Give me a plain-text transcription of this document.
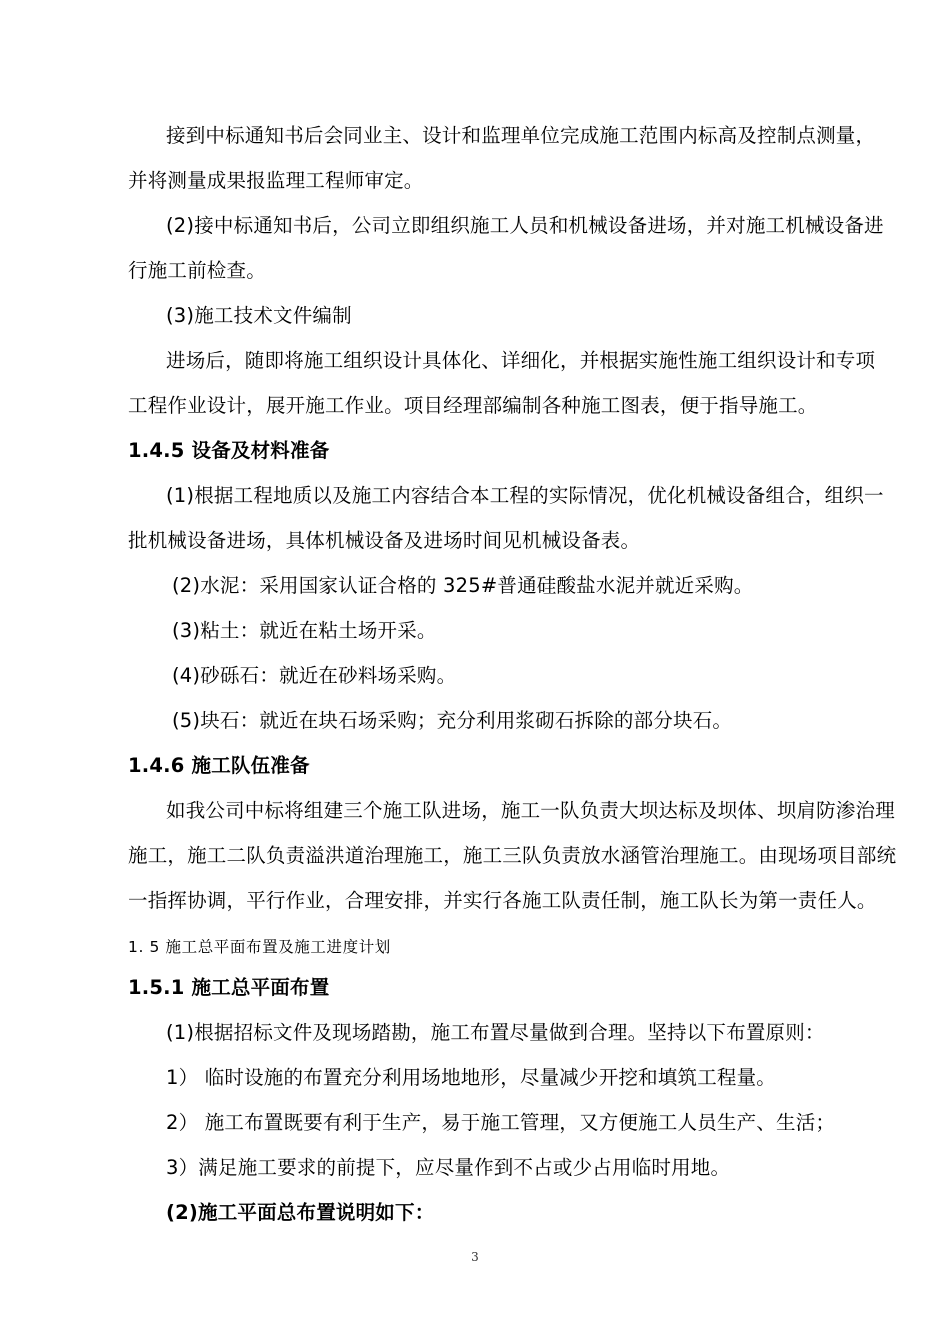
接到中标通知书后会同业主、设计和监理单位完成施工范围内标高及控制点测量，
并将测量成果报监理工程师审定。
(2)接中标通知书后，公司立即组织施工人员和机械设备进场，并对施工机械设备进
行施工前检查。
(3)施工技术文件编制
进场后，随即将施工组织设计具体化、详细化，并根据实施性施工组织设计和专项
工程作业设计，展开施工作业。项目经理部编制各种施工图表，便于指导施工。
1.4.5 设备及材料准备
(1)根据工程地质以及施工内容结合本工程的实际情况，优化机械设备组合，组织一
批机械设备进场，具体机械设备及进场时间见机械设备表。
(2)水泥：采用国家认证合格的 325#普通硅酸盐水泥并就近采购。
(3)粘土：就近在粘土场开采。
(4)砂砾石：就近在砂料场采购。
(5)块石：就近在块石场采购；充分利用浆砌石拆除的部分块石。
1.4.6 施工队伍准备
如我公司中标将组建三个施工队进场，施工一队负责大坝达标及坝体、坝肩防渗治理
施工，施工二队负责溢洪道治理施工，施工三队负责放水涵管治理施工。由现场项目部统
一指挥协调，平行作业，合理安排，并实行各施工队责任制，施工队长为第一责任人。
1. 5 施工总平面布置及施工进度计划
1.5.1 施工总平面布置
(1)根据招标文件及现场踏勘，施工布置尽量做到合理。坚持以下布置原则：
1） 临时设施的布置充分利用场地地形，尽量减少开挖和填筑工程量。
2） 施工布置既要有利于生产，易于施工管理，又方便施工人员生产、生活；
3）满足施工要求的前提下，应尽量作到不占或少占用临时用地。
(2)施工平面总布置说明如下：
3
